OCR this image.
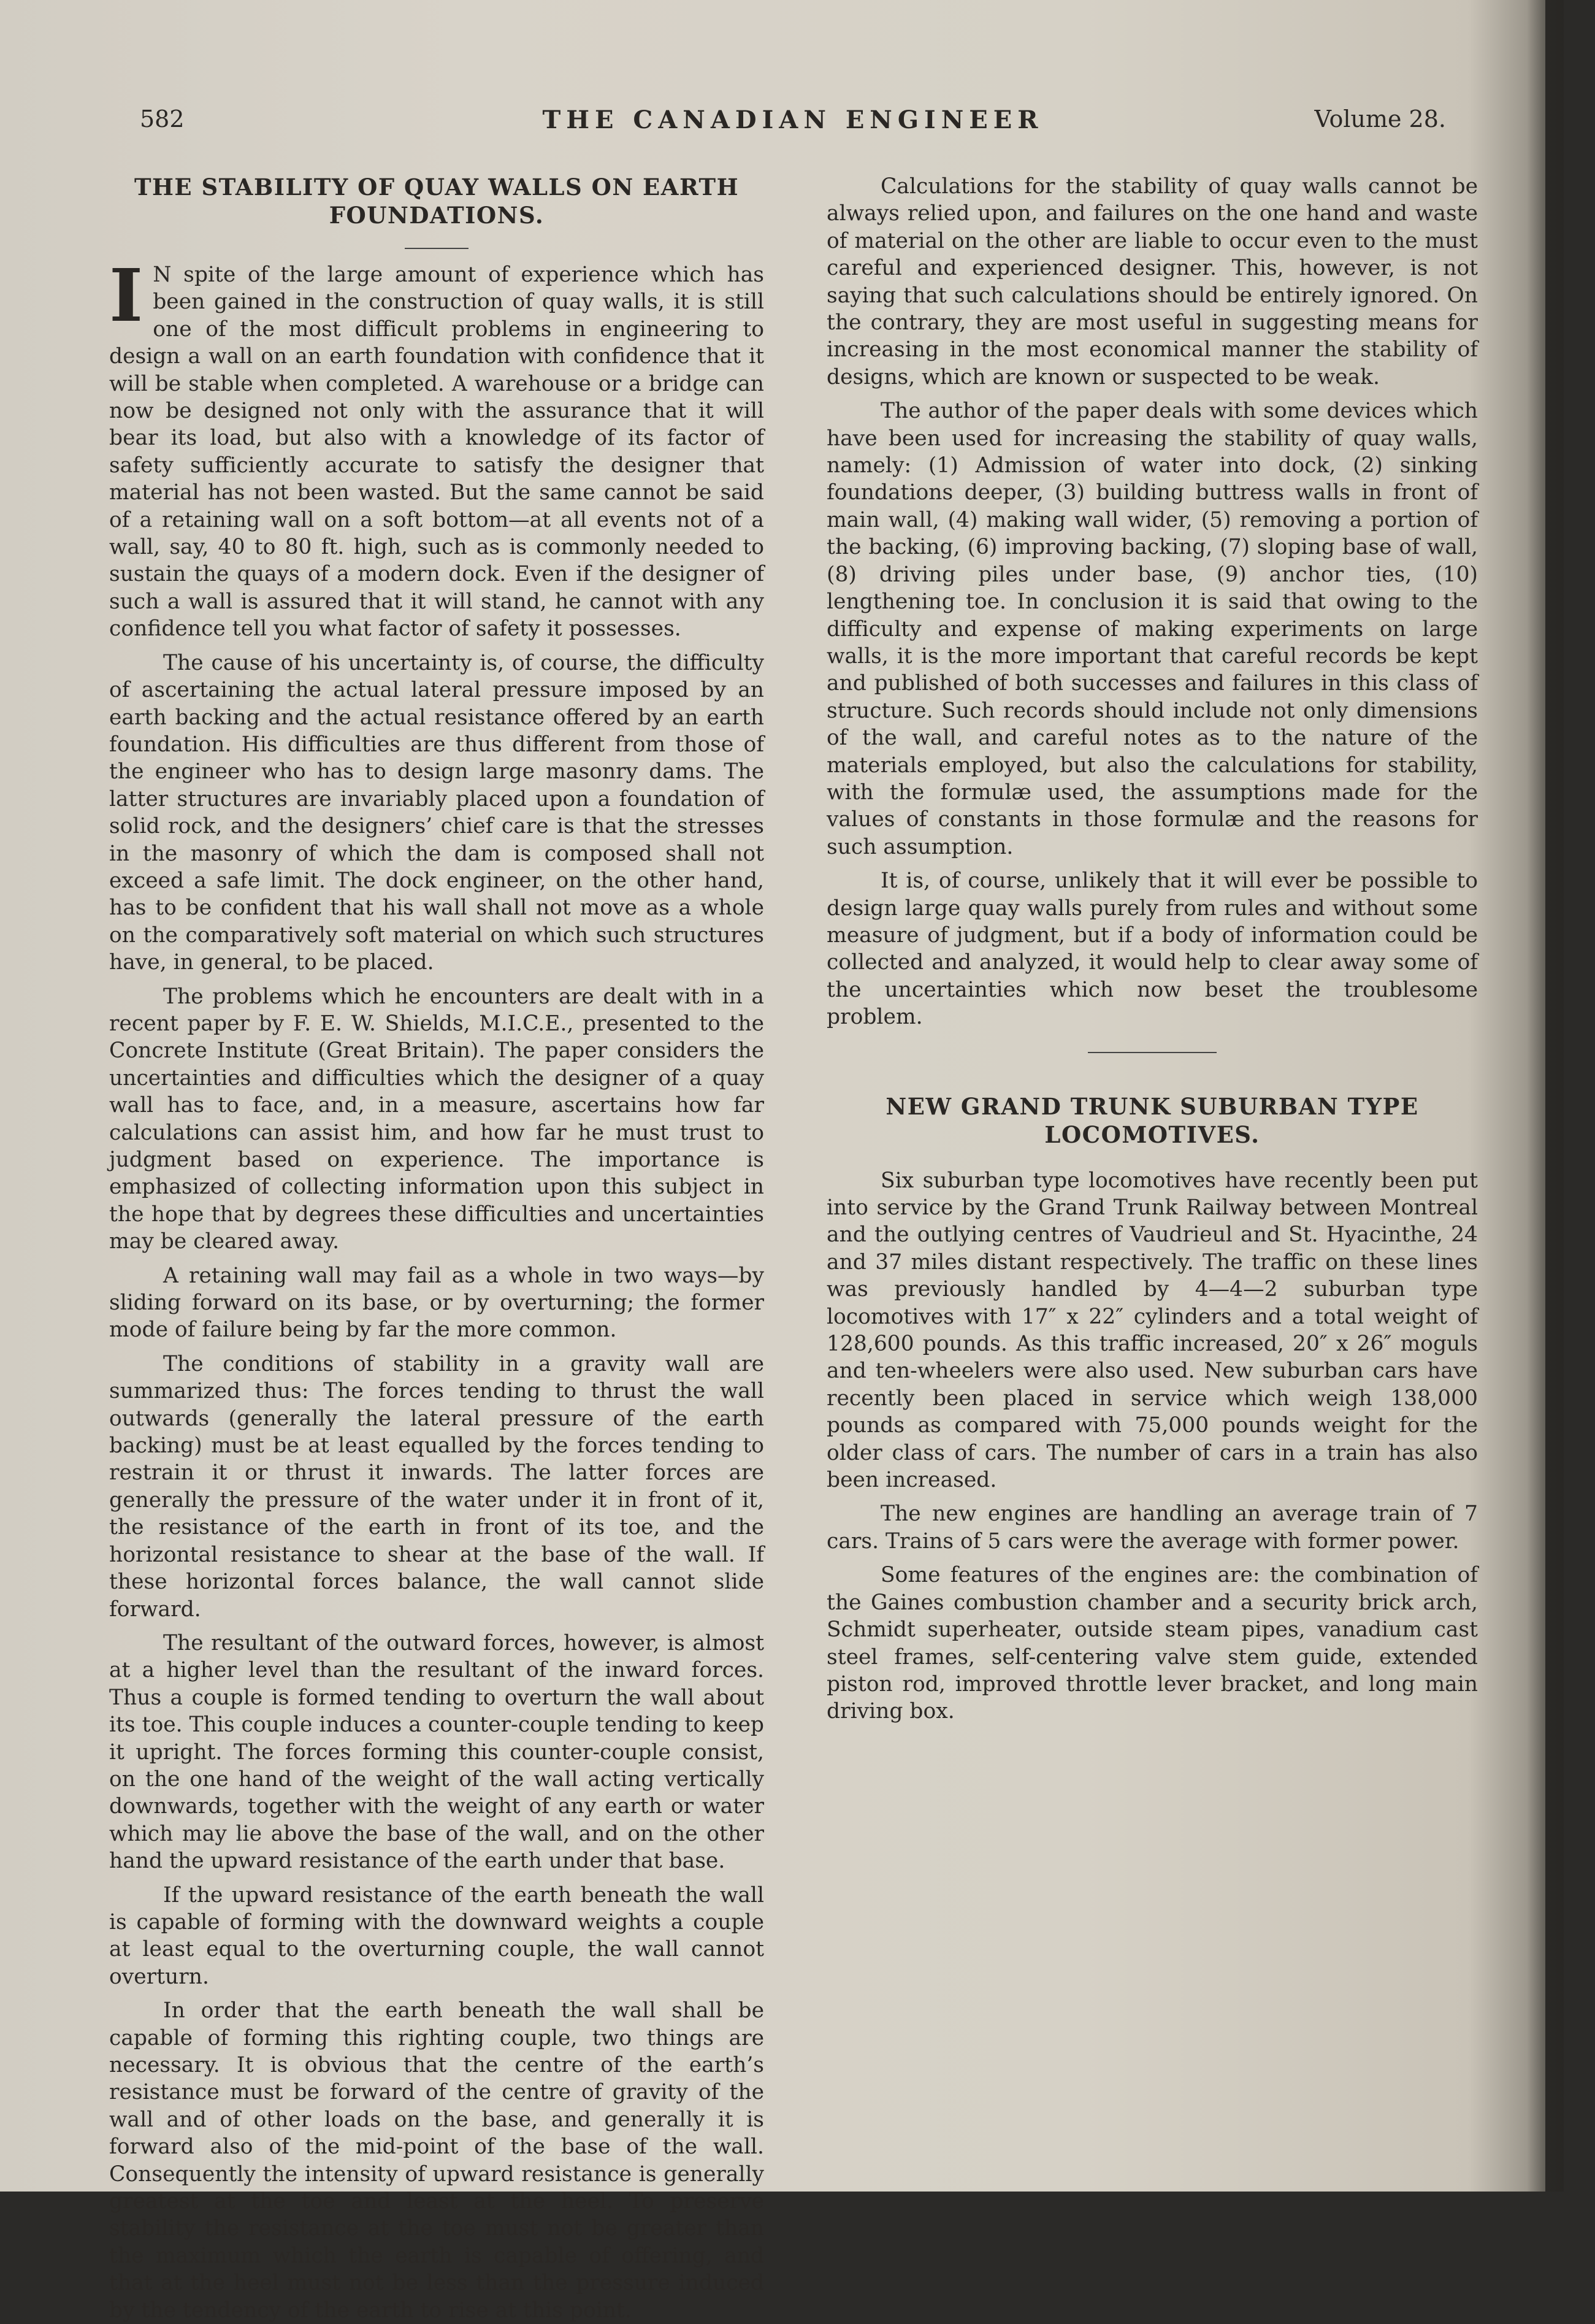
582	THE CANADIAN ENGINEER	Volume 28.
THE STABILITY OF QUAY WALLS ON EARTH
FOUNDATIONS.

I N spite of the large amount of experience which has been gained in the construction of quay walls, it is still one of the most difficult problems in engineering to design a wall on an earth foundation with confidence that it will be stable when completed. A warehouse or a bridge can now be designed not only with the assurance that it will bear its load, but also with a knowledge of its factor of safety sufficiently accurate to satisfy the designer that material has not been wasted. But the same cannot be said of a retaining wall on a soft bottom—at all events not of a wall, say, 40 to 80 ft. high, such as is commonly needed to sustain the quays of a modern dock. Even if the designer of such a wall is assured that it will stand, he cannot with any confidence tell you what factor of safety it possesses.

The cause of his uncertainty is, of course, the difficulty of ascertaining the actual lateral pressure imposed by an earth backing and the actual resistance offered by an earth foundation. His difficulties are thus different from those of the engineer who has to design large masonry dams. The latter structures are invariably placed upon a foundation of solid rock, and the designers’ chief care is that the stresses in the masonry of which the dam is composed shall not exceed a safe limit. The dock engineer, on the other hand, has to be confident that his wall shall not move as a whole on the comparatively soft material on which such structures have, in general, to be placed.

The problems which he encounters are dealt with in a recent paper by F. E. W. Shields, M.I.C.E., presented to the Concrete Institute (Great Britain). The paper considers the uncertainties and difficulties which the designer of a quay wall has to face, and, in a measure, ascertains how far calculations can assist him, and how far he must trust to judgment based on experience. The importance is emphasized of collecting information upon this subject in the hope that by degrees these difficulties and uncertainties may be cleared away.

A retaining wall may fail as a whole in two ways—by sliding forward on its base, or by overturning; the former mode of failure being by far the more common.

The conditions of stability in a gravity wall are summarized thus: The forces tending to thrust the wall outwards (generally the lateral pressure of the earth backing) must be at least equalled by the forces tending to restrain it or thrust it inwards. The latter forces are generally the pressure of the water under it in front of it, the resistance of the earth in front of its toe, and the horizontal resistance to shear at the base of the wall. If these horizontal forces balance, the wall cannot slide forward.

The resultant of the outward forces, however, is almost at a higher level than the resultant of the inward forces. Thus a couple is formed tending to overturn the wall about its toe. This couple induces a counter-couple tending to keep it upright. The forces forming this counter-couple consist, on the one hand of the weight of the wall acting vertically downwards, together with the weight of any earth or water which may lie above the base of the wall, and on the other hand the upward resistance of the earth under that base.

If the upward resistance of the earth beneath the wall is capable of forming with the downward weights a couple at least equal to the overturning couple, the wall cannot overturn.

In order that the earth beneath the wall shall be capable of forming this righting couple, two things are necessary. It is obvious that the centre of the earth’s resistance must be forward of the centre of gravity of the wall and of other loads on the base, and generally it is forward also of the mid-point of the base of the wall. Consequently the intensity of upward resistance is generally greatest at the toe and least at the heel. To preserve stability the resistance at the toe must not be greater than the maximum which the earth is capable of offering, and that at the heel must not be less than the pressure induced by the tendency of the earth to rise at this point.

Calculations for the stability of quay walls cannot be always relied upon, and failures on the one hand and waste of material on the other are liable to occur even to the must careful and experienced designer. This, however, is not saying that such calculations should be entirely ignored. On the contrary, they are most useful in suggesting means for increasing in the most economical manner the stability of designs, which are known or suspected to be weak.

The author of the paper deals with some devices which have been used for increasing the stability of quay walls, namely: (1) Admission of water into dock, (2) sinking foundations deeper, (3) building buttress walls in front of main wall, (4) making wall wider, (5) removing a portion of the backing, (6) improving backing, (7) sloping base of wall, (8) driving piles under base, (9) anchor ties, (10) lengthening toe. In conclusion it is said that owing to the difficulty and expense of making experiments on large walls, it is the more important that careful records be kept and published of both successes and failures in this class of structure. Such records should include not only dimensions of the wall, and careful notes as to the nature of the materials employed, but also the calculations for stability, with the formulæ used, the assumptions made for the values of constants in those formulæ and the reasons for such assumption.

It is, of course, unlikely that it will ever be possible to design large quay walls purely from rules and without some measure of judgment, but if a body of information could be collected and analyzed, it would help to clear away some of the uncertainties which now beset the troublesome problem.

NEW GRAND TRUNK SUBURBAN TYPE
LOCOMOTIVES.

Six suburban type locomotives have recently been put into service by the Grand Trunk Railway between Montreal and the outlying centres of Vaudrieul and St. Hyacinthe, 24 and 37 miles distant respectively. The traffic on these lines was previously handled by 4—4—2 suburban type locomotives with 17″ x 22″ cylinders and a total weight of 128,600 pounds. As this traffic increased, 20″ x 26″ moguls and ten-wheelers were also used. New suburban cars have recently been placed in service which weigh 138,000 pounds as compared with 75,000 pounds weight for the older class of cars. The number of cars in a train has also been increased.

The new engines are handling an average train of 7 cars. Trains of 5 cars were the average with former power.

Some features of the engines are: the combination of the Gaines combustion chamber and a security brick arch, Schmidt superheater, outside steam pipes, vanadium cast steel frames, self-centering valve stem guide, extended piston rod, improved throttle lever bracket, and long main driving box.
